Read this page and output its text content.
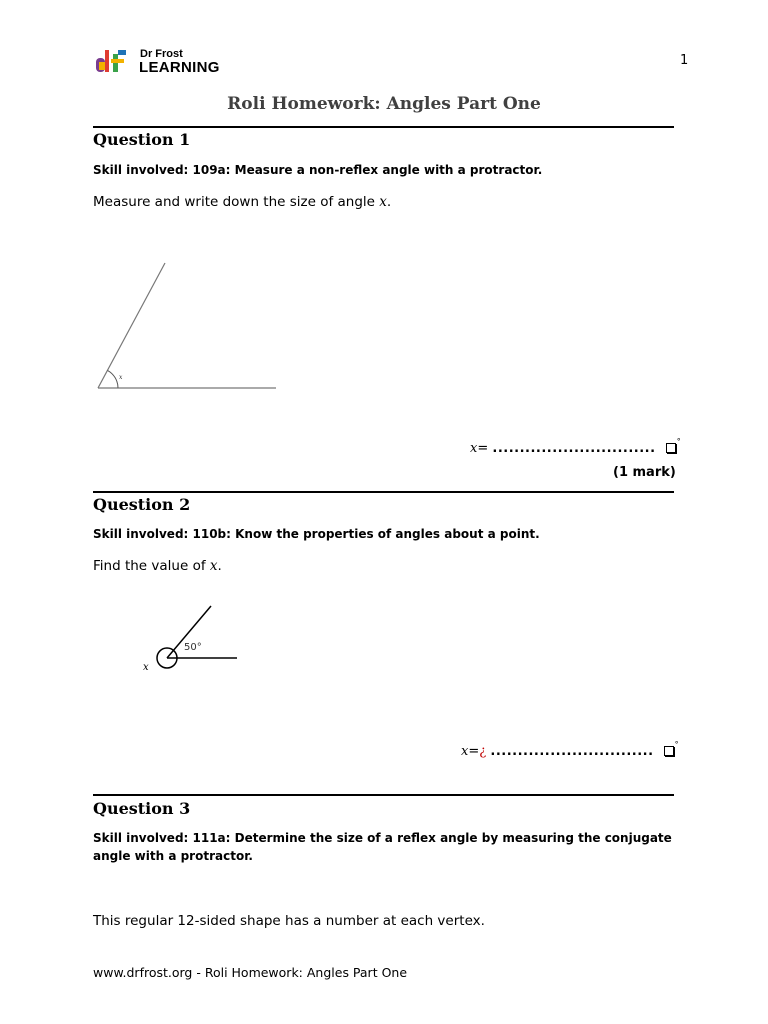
Dr Frost
LEARNING	1
Roli Homework: Angles Part One
Question 1
Skill involved: 109a: Measure a non-reflex angle with a protractor.
Measure and write down the size of angle x.
x
x= ..............................	°
(1 mark)
Question 2
Skill involved: 110b: Know the properties of angles about a point.
Find the value of x.
50°
x
x=¿ ..............................	°
Question 3
Skill involved: 111a: Determine the size of a reflex angle by measuring the conjugate angle with a protractor.
This regular 12-sided shape has a number at each vertex.
www.drfrost.org - Roli Homework: Angles Part One
